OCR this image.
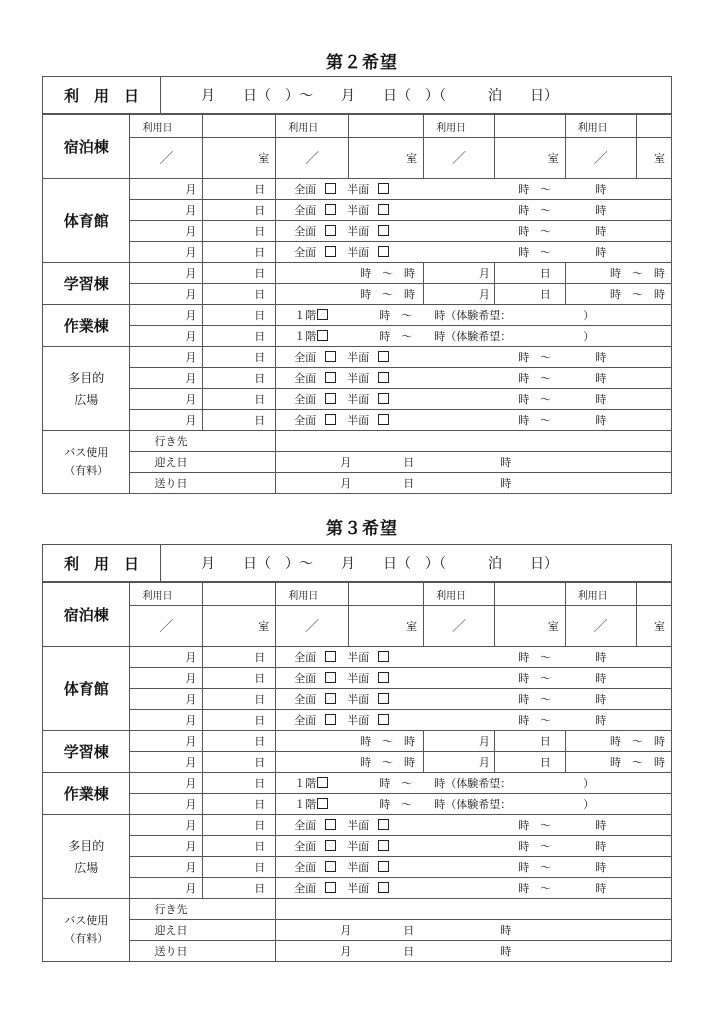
第２希望
利　用　日	月　　日（　）～　　月　　日（　）（　　　泊　　日）
宿泊棟	利用日		利用日		利用日		利用日	
	／	室	／	室	／	室	／	室
体育館	月	日	全面 半面		時　～		時	
	月	日	全面 半面		時　～		時	
	月	日	全面 半面		時　～		時	
	月	日	全面 半面		時　～		時	
学習棟	月	日	時　～　時		月	日	時　～　時	
	月	日	時　～　時		月	日	時　～　時	
作業棟	月	日	１階 時　～　　時（体験希望： ）					
	月	日	１階 時　～　　時（体験希望： ）					

多目的
広場	月	日	全面 半面		時　～		時	
	月	日	全面 半面		時　～		時	
	月	日	全面 半面		時　～		時	
	月	日	全面 半面		時　～		時	

バス使用
（有料）	行き先							
	迎え日		月 日 時					
	送り日		月 日 時					
第３希望
利　用　日	月　　日（　）～　　月　　日（　）（　　　泊　　日）
宿泊棟	利用日		利用日		利用日		利用日	
	／	室	／	室	／	室	／	室
体育館	月	日	全面 半面		時　～		時	
	月	日	全面 半面		時　～		時	
	月	日	全面 半面		時　～		時	
	月	日	全面 半面		時　～		時	
学習棟	月	日	時　～　時		月	日	時　～　時	
	月	日	時　～　時		月	日	時　～　時	
作業棟	月	日	１階 時　～　　時（体験希望： ）					
	月	日	１階 時　～　　時（体験希望： ）					

多目的
広場	月	日	全面 半面		時　～		時	
	月	日	全面 半面		時　～		時	
	月	日	全面 半面		時　～		時	
	月	日	全面 半面		時　～		時	

バス使用
（有料）	行き先							
	迎え日		月 日 時					
	送り日		月 日 時					
